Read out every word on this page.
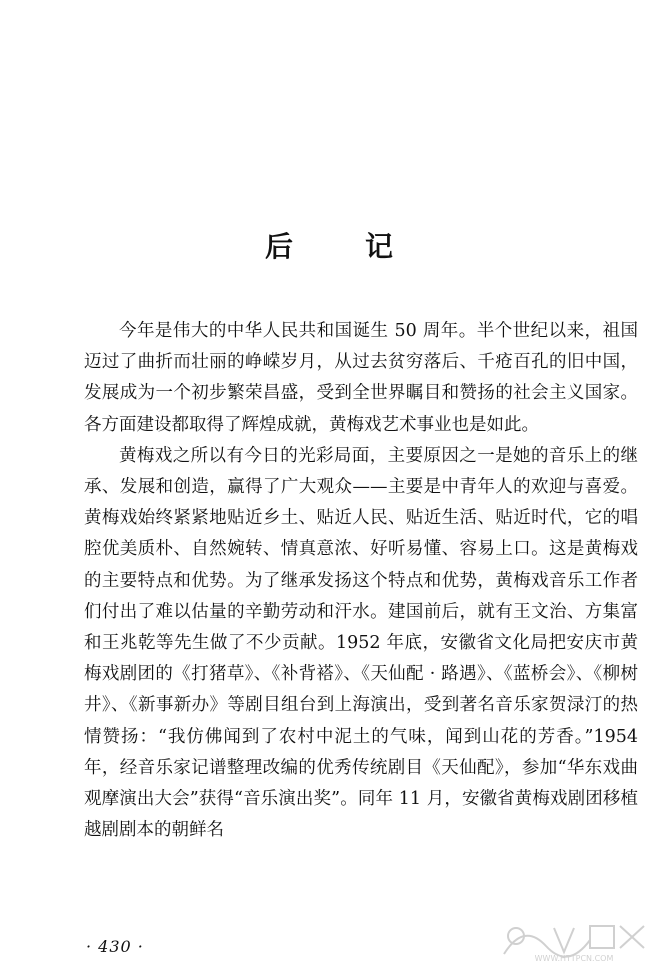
后	记

今年是伟大的中华人民共和国诞生 50 周年。半个世纪以来，祖国迈过了曲折而壮丽的峥嵘岁月，从过去贫穷落后、千疮百孔的旧中国，发展成为一个初步繁荣昌盛，受到全世界瞩目和赞扬的社会主义国家。各方面建设都取得了辉煌成就，黄梅戏艺术事业也是如此。

黄梅戏之所以有今日的光彩局面，主要原因之一是她的音乐上的继承、发展和创造，赢得了广大观众——主要是中青年人的欢迎与喜爱。黄梅戏始终紧紧地贴近乡土、贴近人民、贴近生活、贴近时代，它的唱腔优美质朴、自然婉转、情真意浓、好听易懂、容易上口。这是黄梅戏的主要特点和优势。为了继承发扬这个特点和优势，黄梅戏音乐工作者们付出了难以估量的辛勤劳动和汗水。建国前后，就有王文治、方集富和王兆乾等先生做了不少贡献。1952 年底，安徽省文化局把安庆市黄梅戏剧团的《打猪草》、《补背褡》、《天仙配 · 路遇》、《蓝桥会》、《柳树井》、《新事新办》等剧目组台到上海演出，受到著名音乐家贺渌汀的热情赞扬：“我仿佛闻到了农村中泥土的气味，闻到山花的芳香。”1954 年，经音乐家记谱整理改编的优秀传统剧目《天仙配》，参加“华东戏曲观摩演出大会”获得“音乐演出奖”。同年 11 月，安徽省黄梅戏剧团移植越剧剧本的朝鲜名

· 430 ·
WWW.HTTPCN.COM
